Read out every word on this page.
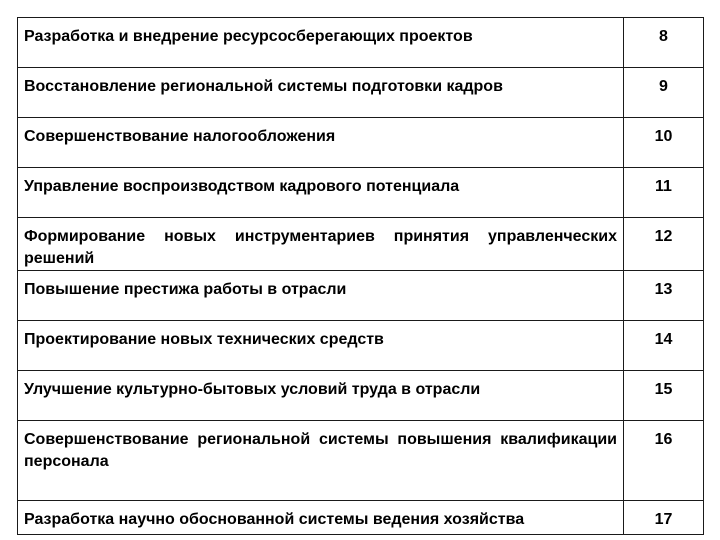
Разработка и внедрение ресурсосберегающих проектов	8
Восстановление региональной системы подготовки кадров	9
Совершенствование налогообложения	10
Управление воспроизводством кадрового потенциала	11
Формирование новых инструментариев принятия управленческих решений	12
Повышение престижа работы в отрасли	13
Проектирование новых технических средств	14
Улучшение культурно-бытовых условий труда в отрасли	15
Совершенствование региональной системы повышения квалификации персонала	16
Разработка научно обоснованной системы ведения хозяйства	17
